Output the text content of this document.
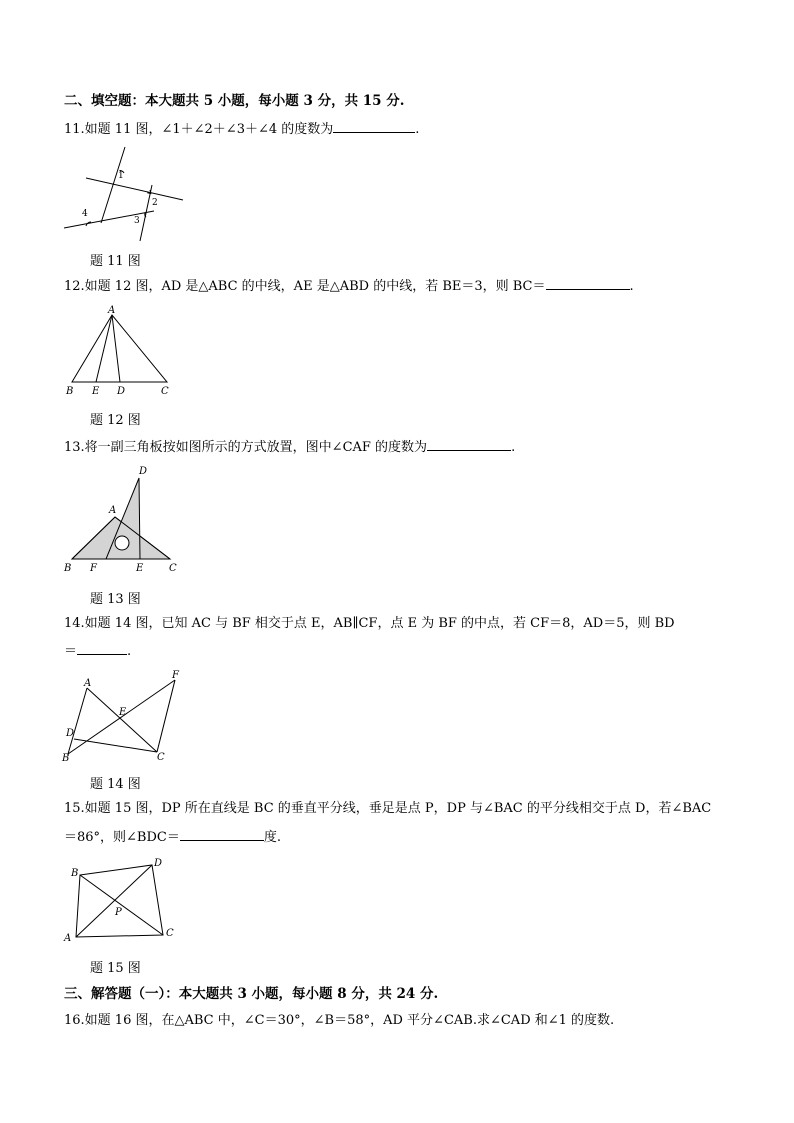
二、填空题：本大题共 5 小题，每小题 3 分，共 15 分.
11.如题 11 图，∠1＋∠2＋∠3＋∠4 的度数为	.
1
2
3
4
题 11 图
12.如题 12 图，AD 是△ABC 的中线，AE 是△ABD 的中线，若 BE＝3，则 BC＝	.
A
B E D	C
题 12 图
13.将一副三角板按如图所示的方式放置，图中∠CAF 的度数为	.
D
A
B F	E	C
题 13 图
14.如题 14 图，已知 AC 与 BF 相交于点 E，AB∥CF，点 E 为 BF 的中点，若 CF＝8，AD＝5，则 BD
＝	.
A
F
E
D
B	C
题 14 图
15.如题 15 图，DP 所在直线是 BC 的垂直平分线，垂足是点 P，DP 与∠BAC 的平分线相交于点 D，若∠BAC
＝86°，则∠BDC＝	度.
B
D
P
A	C
题 15 图
三、解答题（一）：本大题共 3 小题，每小题 8 分，共 24 分.
16.如题 16 图，在△ABC 中，∠C＝30°，∠B＝58°，AD 平分∠CAB.求∠CAD 和∠1 的度数.
